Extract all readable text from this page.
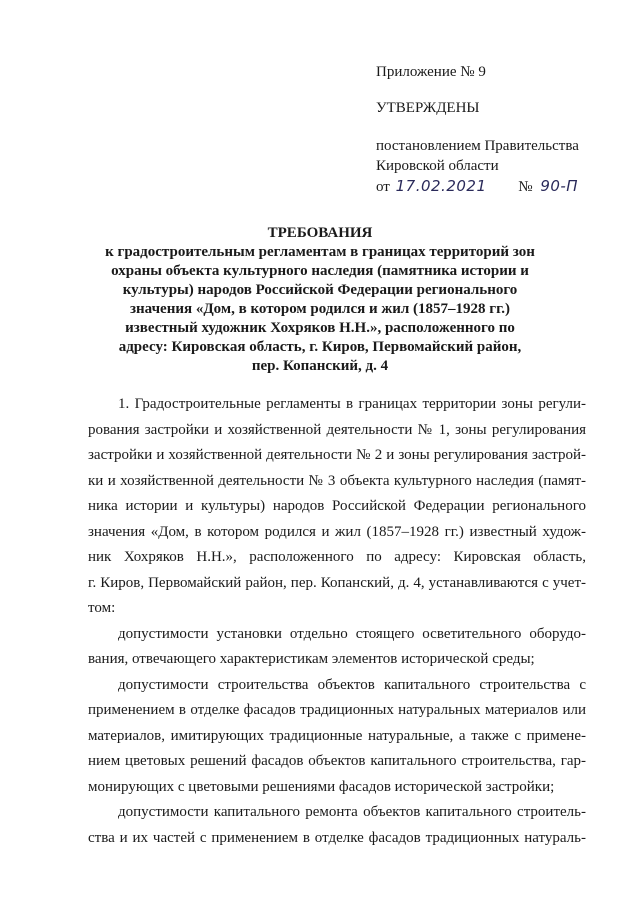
Приложение № 9
УТВЕРЖДЕНЫ
постановлением Правительства
Кировской области
от 17.02.2021 № 90-П
ТРЕБОВАНИЯ
к градостроительным регламентам в границах территорий зон
охраны объекта культурного наследия (памятника истории и
культуры) народов Российской Федерации регионального
значения «Дом, в котором родился и жил (1857–1928 гг.)
известный художник Хохряков Н.Н.», расположенного по
адресу: Кировская область, г. Киров, Первомайский район,
пер. Копанский, д. 4
1. Градостроительные регламенты в границах территории зоны регули-
рования застройки и хозяйственной деятельности № 1, зоны регулирования
застройки и хозяйственной деятельности № 2 и зоны регулирования застрой-
ки и хозяйственной деятельности № 3 объекта культурного наследия (памят-
ника истории и культуры) народов Российской Федерации регионального
значения «Дом, в котором родился и жил (1857–1928 гг.) известный худож-
ник Хохряков Н.Н.», расположенного по адресу: Кировская область,
г. Киров, Первомайский район, пер. Копанский, д. 4, устанавливаются с учет-
том:
допустимости установки отдельно стоящего осветительного оборудо-
вания, отвечающего характеристикам элементов исторической среды;
допустимости строительства объектов капитального строительства с
применением в отделке фасадов традиционных натуральных материалов или
материалов, имитирующих традиционные натуральные, а также с примене-
нием цветовых решений фасадов объектов капитального строительства, гар-
монирующих с цветовыми решениями фасадов исторической застройки;
допустимости капитального ремонта объектов капитального строитель-
ства и их частей с применением в отделке фасадов традиционных натураль-
